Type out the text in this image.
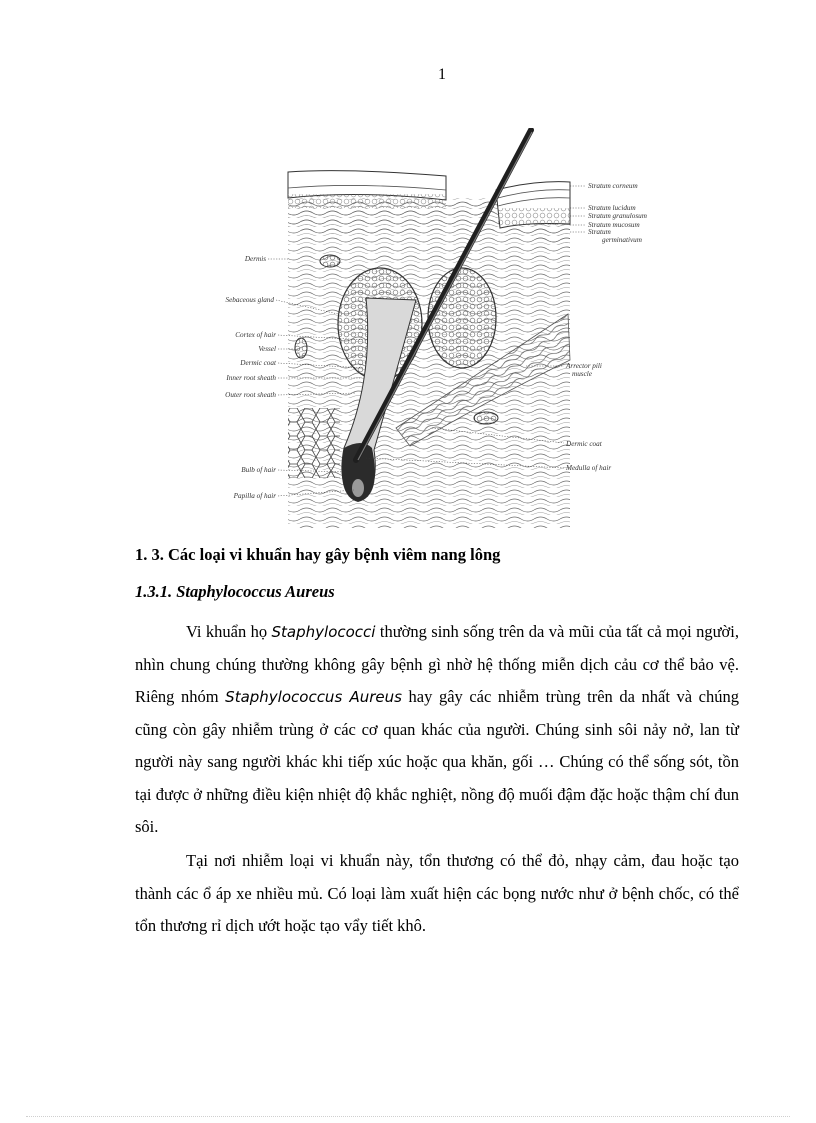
1
Dermis
Sebaceous gland
Cortex of hair
Vessel
Dermic coat
Inner root sheath
Outer root sheath
Bulb of hair
Papilla of hair
Stratum corneum
Stratum lucidum
Stratum granulosum
Stratum mucosum
Stratum
germinativum
Arrector pili
muscle
Dermic coat
Medulla of hair
1. 3. Các loại vi khuẩn hay gây bệnh viêm nang lông
1.3.1. Staphylococcus Aureus

Vi khuẩn họ Staphylococci thường sinh sống trên da và mũi của tất cả mọi người, nhìn chung chúng thường không gây bệnh gì nhờ hệ thống miễn dịch cảu cơ thể bảo vệ. Riêng nhóm Staphylococcus Aureus hay gây các nhiễm trùng trên da nhất và chúng cũng còn gây nhiễm trùng ở các cơ quan khác của người. Chúng sinh sôi nảy nở, lan từ người này sang người khác khi tiếp xúc hoặc qua khăn, gối … Chúng có thể sống sót, tồn tại được ở những điều kiện nhiệt độ khắc nghiệt, nồng độ muối đậm đặc hoặc thậm chí đun sôi.

Tại nơi nhiễm loại vi khuẩn này, tổn thương có thể đỏ, nhạy cảm, đau hoặc tạo thành các ổ áp xe nhiều mủ. Có loại làm xuất hiện các bọng nước như ở bệnh chốc, có thể tổn thương rỉ dịch ướt hoặc tạo vẩy tiết khô.
